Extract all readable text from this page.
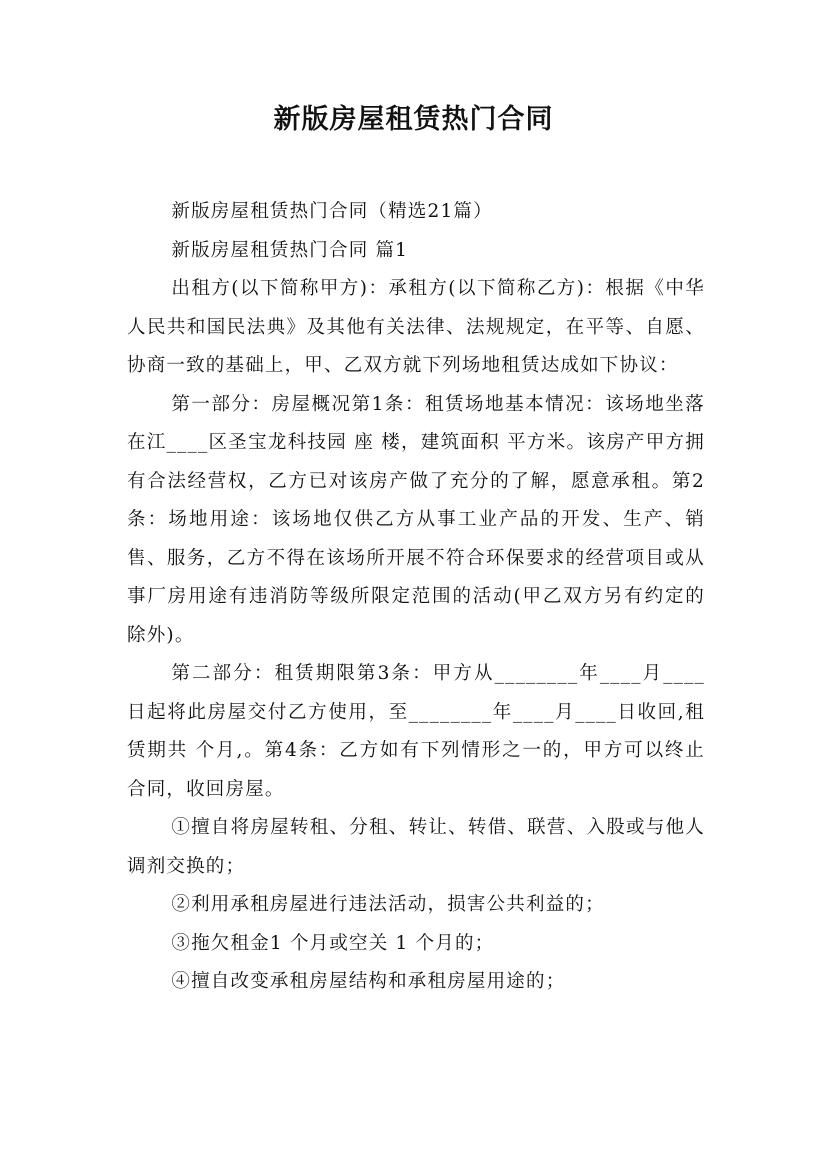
新版房屋租赁热门合同

新版房屋租赁热门合同（精选21篇）

新版房屋租赁热门合同 篇1

出租方(以下简称甲方)：承租方(以下简称乙方)：根据《中华人民共和国民法典》及其他有关法律、法规规定，在平等、自愿、协商一致的基础上，甲、乙双方就下列场地租赁达成如下协议：

第一部分：房屋概况第1条：租赁场地基本情况：该场地坐落在江____区圣宝龙科技园 座 楼，建筑面积 平方米。该房产甲方拥有合法经营权，乙方已对该房产做了充分的了解，愿意承租。第2条：场地用途：该场地仅供乙方从事工业产品的开发、生产、销售、服务，乙方不得在该场所开展不符合环保要求的经营项目或从事厂房用途有违消防等级所限定范围的活动(甲乙双方另有约定的除外)。

第二部分：租赁期限第3条：甲方从________年____月____日起将此房屋交付乙方使用，至________年____月____日收回,租赁期共 个月,。第4条：乙方如有下列情形之一的，甲方可以终止合同，收回房屋。

①擅自将房屋转租、分租、转让、转借、联营、入股或与他人调剂交换的；

②利用承租房屋进行违法活动，损害公共利益的；

③拖欠租金1 个月或空关 1 个月的；

④擅自改变承租房屋结构和承租房屋用途的；
